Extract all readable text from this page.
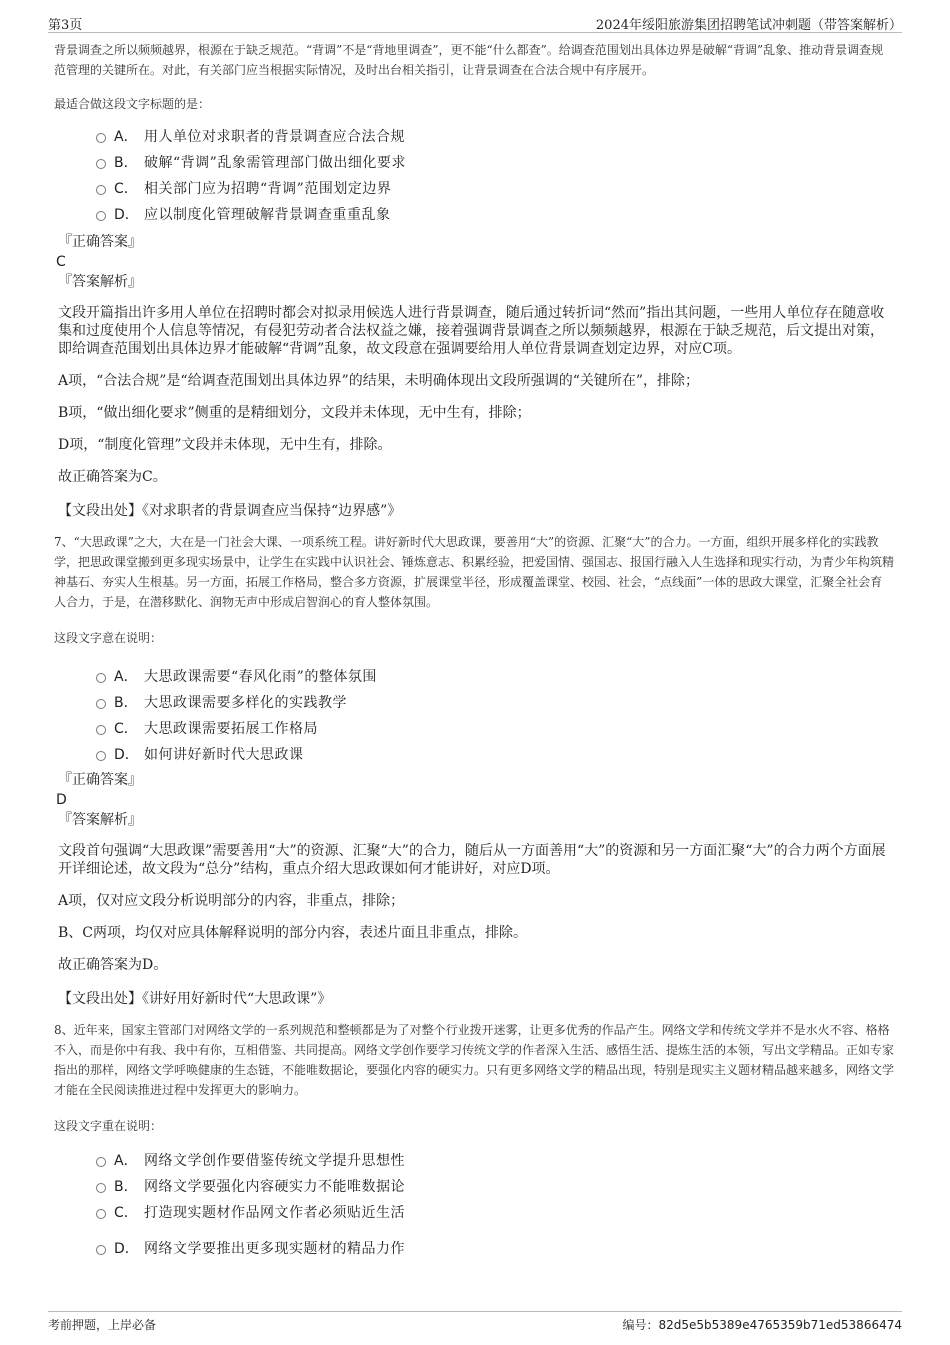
第3页	2024年绥阳旅游集团招聘笔试冲刺题（带答案解析）

背景调查之所以频频越界，根源在于缺乏规范。“背调”不是“背地里调查”，更不能“什么都查”。给调查范围划出具体边界是破解“背调”乱象、推动背景调查规范管理的关键所在。对此，有关部门应当根据实际情况，及时出台相关指引，让背景调查在合法合规中有序展开。

最适合做这段文字标题的是：

A． 用人单位对求职者的背景调查应合法合规
B． 破解“背调”乱象需管理部门做出细化要求
C． 相关部门应为招聘“背调”范围划定边界
D． 应以制度化管理破解背景调查重重乱象

『正确答案』

C

『答案解析』

文段开篇指出许多用人单位在招聘时都会对拟录用候选人进行背景调查，随后通过转折词“然而”指出其问题，一些用人单位存在随意收集和过度使用个人信息等情况，有侵犯劳动者合法权益之嫌，接着强调背景调查之所以频频越界，根源在于缺乏规范，后文提出对策，即给调查范围划出具体边界才能破解“背调”乱象，故文段意在强调要给用人单位背景调查划定边界，对应C项。

A项，“合法合规”是“给调查范围划出具体边界”的结果，未明确体现出文段所强调的“关键所在”，排除；

B项，“做出细化要求”侧重的是精细划分，文段并未体现，无中生有，排除；

D项，“制度化管理”文段并未体现，无中生有，排除。

故正确答案为C。

【文段出处】《对求职者的背景调查应当保持“边界感”》

7、“大思政课”之大，大在是一门社会大课、一项系统工程。讲好新时代大思政课，要善用“大”的资源、汇聚“大”的合力。一方面，组织开展多样化的实践教学，把思政课堂搬到更多现实场景中，让学生在实践中认识社会、锤炼意志、积累经验，把爱国情、强国志、报国行融入人生选择和现实行动，为青少年构筑精神基石、夯实人生根基。另一方面，拓展工作格局，整合多方资源，扩展课堂半径，形成覆盖课堂、校园、社会，“点线面”一体的思政大课堂，汇聚全社会育人合力，于是，在潜移默化、润物无声中形成启智润心的育人整体氛围。

这段文字意在说明：

A． 大思政课需要“春风化雨”的整体氛围
B． 大思政课需要多样化的实践教学
C． 大思政课需要拓展工作格局
D． 如何讲好新时代大思政课

『正确答案』

D

『答案解析』

文段首句强调“大思政课”需要善用“大”的资源、汇聚“大”的合力，随后从一方面善用“大”的资源和另一方面汇聚“大”的合力两个方面展开详细论述，故文段为“总分”结构，重点介绍大思政课如何才能讲好，对应D项。

A项，仅对应文段分析说明部分的内容，非重点，排除；

B、C两项，均仅对应具体解释说明的部分内容，表述片面且非重点，排除。

故正确答案为D。

【文段出处】《讲好用好新时代“大思政课”》

8、近年来，国家主管部门对网络文学的一系列规范和整顿都是为了对整个行业拨开迷雾，让更多优秀的作品产生。网络文学和传统文学并不是水火不容、格格不入，而是你中有我、我中有你，互相借鉴、共同提高。网络文学创作要学习传统文学的作者深入生活、感悟生活、提炼生活的本领，写出文学精品。正如专家指出的那样，网络文学呼唤健康的生态链，不能唯数据论，要强化内容的硬实力。只有更多网络文学的精品出现，特别是现实主义题材精品越来越多，网络文学才能在全民阅读推进过程中发挥更大的影响力。

这段文字重在说明：

A． 网络文学创作要借鉴传统文学提升思想性
B． 网络文学要强化内容硬实力不能唯数据论
C． 打造现实题材作品网文作者必须贴近生活
D． 网络文学要推出更多现实题材的精品力作
考前押题，上岸必备	编号：82d5e5b5389e4765359b71ed53866474
